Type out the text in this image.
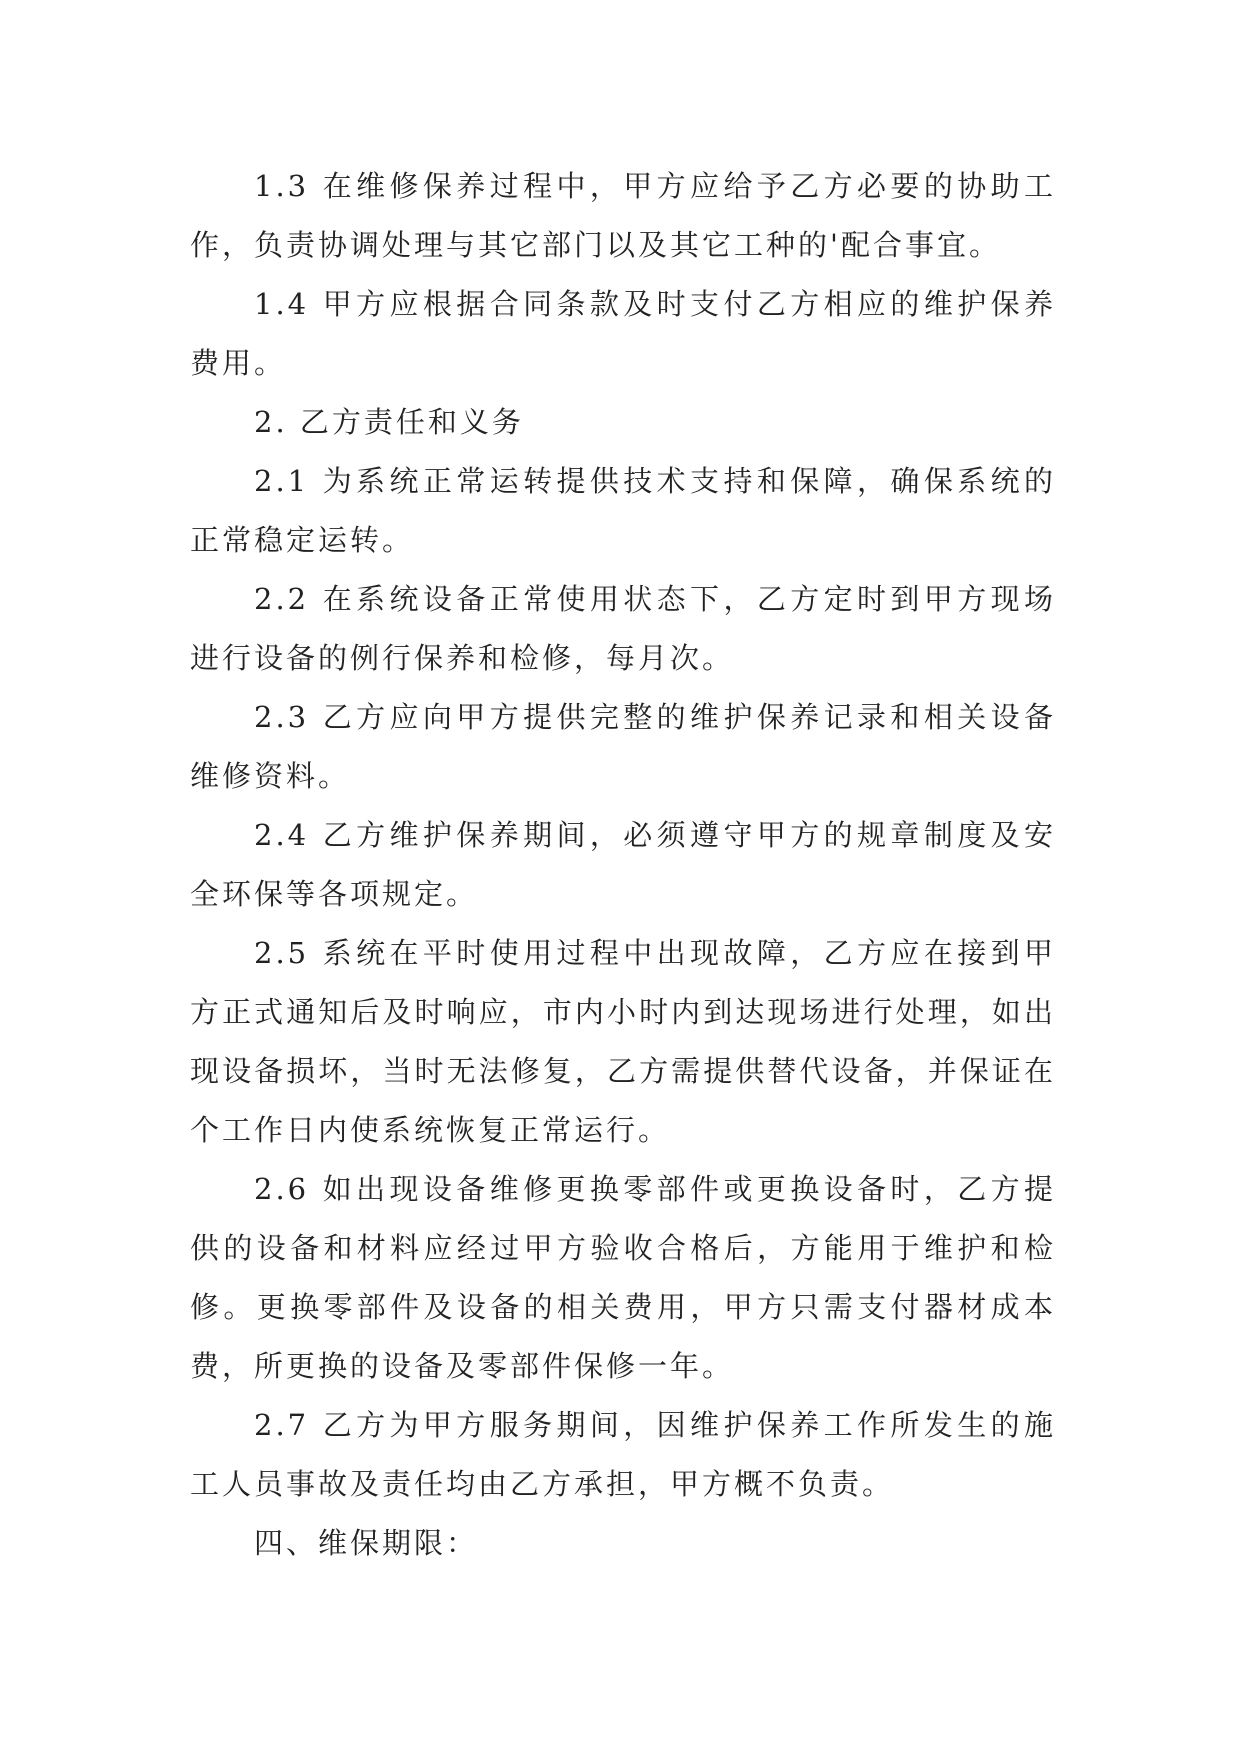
1.3 在维修保养过程中，甲方应给予乙方必要的协助工作，负责协调处理与其它部门以及其它工种的'配合事宜。

1.4 甲方应根据合同条款及时支付乙方相应的维护保养费用。

2. 乙方责任和义务

2.1 为系统正常运转提供技术支持和保障，确保系统的正常稳定运转。

2.2 在系统设备正常使用状态下，乙方定时到甲方现场进行设备的例行保养和检修，每月次。

2.3 乙方应向甲方提供完整的维护保养记录和相关设备维修资料。

2.4 乙方维护保养期间，必须遵守甲方的规章制度及安全环保等各项规定。

2.5 系统在平时使用过程中出现故障，乙方应在接到甲方正式通知后及时响应，市内小时内到达现场进行处理，如出现设备损坏，当时无法修复，乙方需提供替代设备，并保证在个工作日内使系统恢复正常运行。

2.6 如出现设备维修更换零部件或更换设备时，乙方提供的设备和材料应经过甲方验收合格后，方能用于维护和检修。更换零部件及设备的相关费用，甲方只需支付器材成本费，所更换的设备及零部件保修一年。

2.7 乙方为甲方服务期间，因维护保养工作所发生的施工人员事故及责任均由乙方承担，甲方概不负责。

四、维保期限：
